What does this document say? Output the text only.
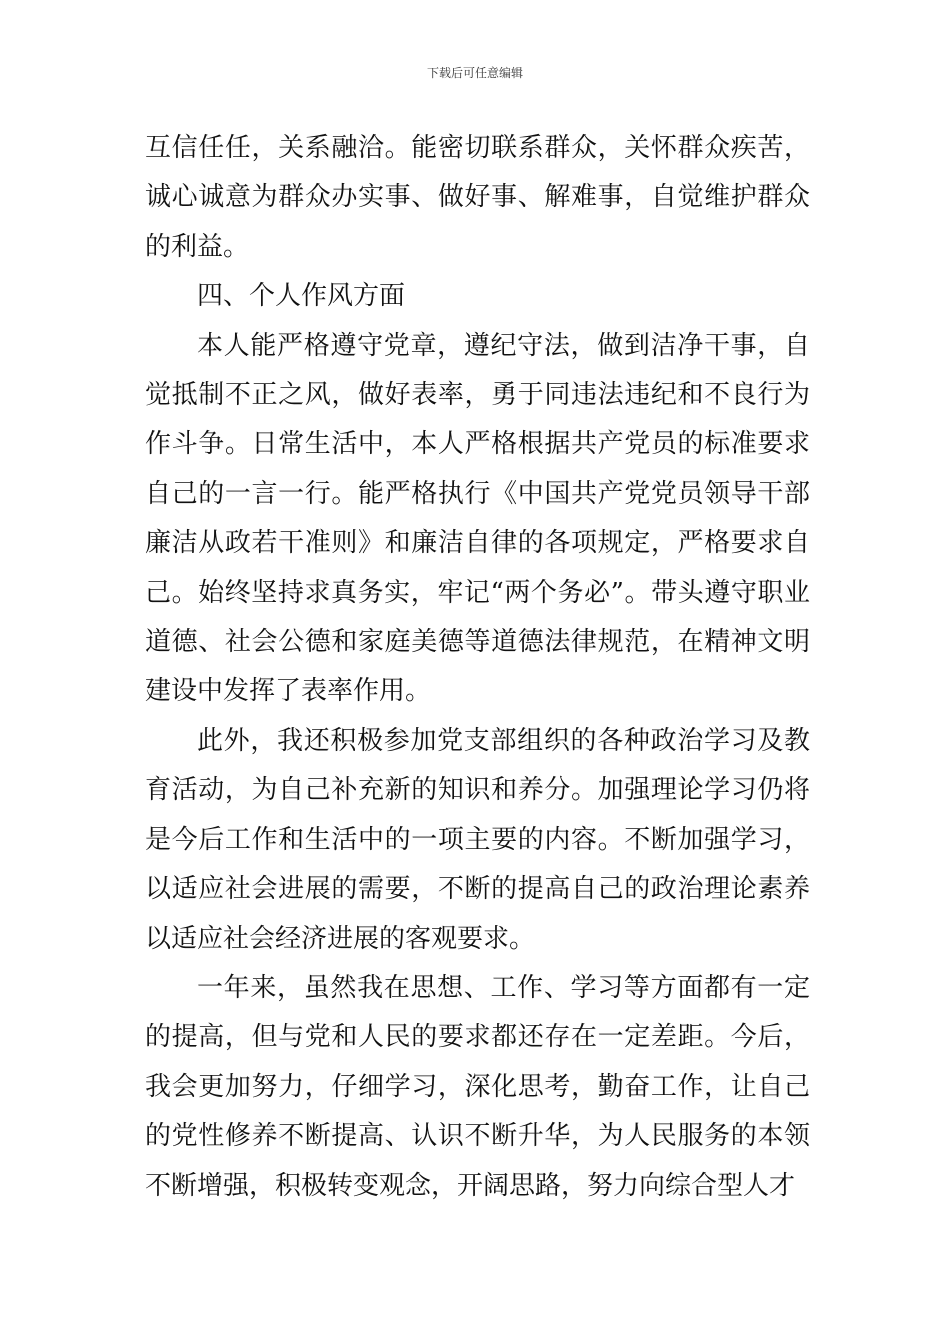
下载后可任意编辑

互信任任，关系融洽。能密切联系群众，关怀群众疾苦，诚心诚意为群众办实事、做好事、解难事，自觉维护群众的利益。

四、个人作风方面

本人能严格遵守党章，遵纪守法，做到洁净干事，自觉抵制不正之风，做好表率，勇于同违法违纪和不良行为作斗争。日常生活中，本人严格根据共产党员的标准要求自己的一言一行。能严格执行《中国共产党党员领导干部廉洁从政若干准则》和廉洁自律的各项规定，严格要求自己。始终坚持求真务实，牢记“两个务必”。带头遵守职业道德、社会公德和家庭美德等道德法律规范，在精神文明建设中发挥了表率作用。

此外，我还积极参加党支部组织的各种政治学习及教育活动，为自己补充新的知识和养分。加强理论学习仍将是今后工作和生活中的一项主要的内容。不断加强学习，以适应社会进展的需要，不断的提高自己的政治理论素养以适应社会经济进展的客观要求。

一年来，虽然我在思想、工作、学习等方面都有一定的提高，但与党和人民的要求都还存在一定差距。今后，我会更加努力，仔细学习，深化思考，勤奋工作，让自己的党性修养不断提高、认识不断升华，为人民服务的本领不断增强，积极转变观念，开阔思路，努力向综合型人才
